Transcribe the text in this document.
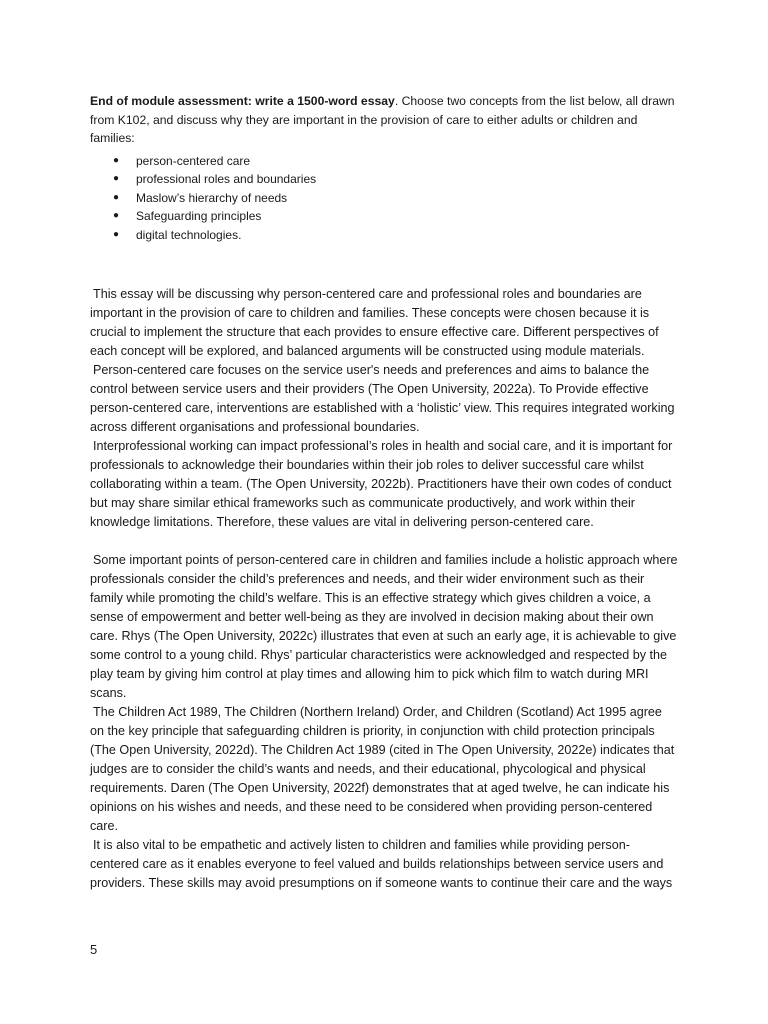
End of module assessment: write a 1500-word essay. Choose two concepts from the list below, all drawn from K102, and discuss why they are important in the provision of care to either adults or children and families:

● person-centered care
● professional roles and boundaries
● Maslow’s hierarchy of needs
● Safeguarding principles
● digital technologies.

This essay will be discussing why person-centered care and professional roles and boundaries are important in the provision of care to children and families. These concepts were chosen because it is crucial to implement the structure that each provides to ensure effective care. Different perspectives of each concept will be explored, and balanced arguments will be constructed using module materials.

Person-centered care focuses on the service user's needs and preferences and aims to balance the control between service users and their providers (The Open University, 2022a). To Provide effective person-centered care, interventions are established with a ‘holistic’ view. This requires integrated working across different organisations and professional boundaries.

Interprofessional working can impact professional’s roles in health and social care, and it is important for professionals to acknowledge their boundaries within their job roles to deliver successful care whilst collaborating within a team. (The Open University, 2022b). Practitioners have their own codes of conduct but may share similar ethical frameworks such as communicate productively, and work within their knowledge limitations. Therefore, these values are vital in delivering person-centered care.

Some important points of person-centered care in children and families include a holistic approach where professionals consider the child’s preferences and needs, and their wider environment such as their family while promoting the child’s welfare. This is an effective strategy which gives children a voice, a sense of empowerment and better well-being as they are involved in decision making about their own care. Rhys (The Open University, 2022c) illustrates that even at such an early age, it is achievable to give some control to a young child. Rhys’ particular characteristics were acknowledged and respected by the play team by giving him control at play times and allowing him to pick which film to watch during MRI scans.

The Children Act 1989, The Children (Northern Ireland) Order, and Children (Scotland) Act 1995 agree on the key principle that safeguarding children is priority, in conjunction with child protection principals (The Open University, 2022d). The Children Act 1989 (cited in The Open University, 2022e) indicates that judges are to consider the child’s wants and needs, and their educational, phycological and physical requirements. Daren (The Open University, 2022f) demonstrates that at aged twelve, he can indicate his opinions on his wishes and needs, and these need to be considered when providing person-centered care.

It is also vital to be empathetic and actively listen to children and families while providing person-centered care as it enables everyone to feel valued and builds relationships between service users and providers. These skills may avoid presumptions on if someone wants to continue their care and the ways

5
